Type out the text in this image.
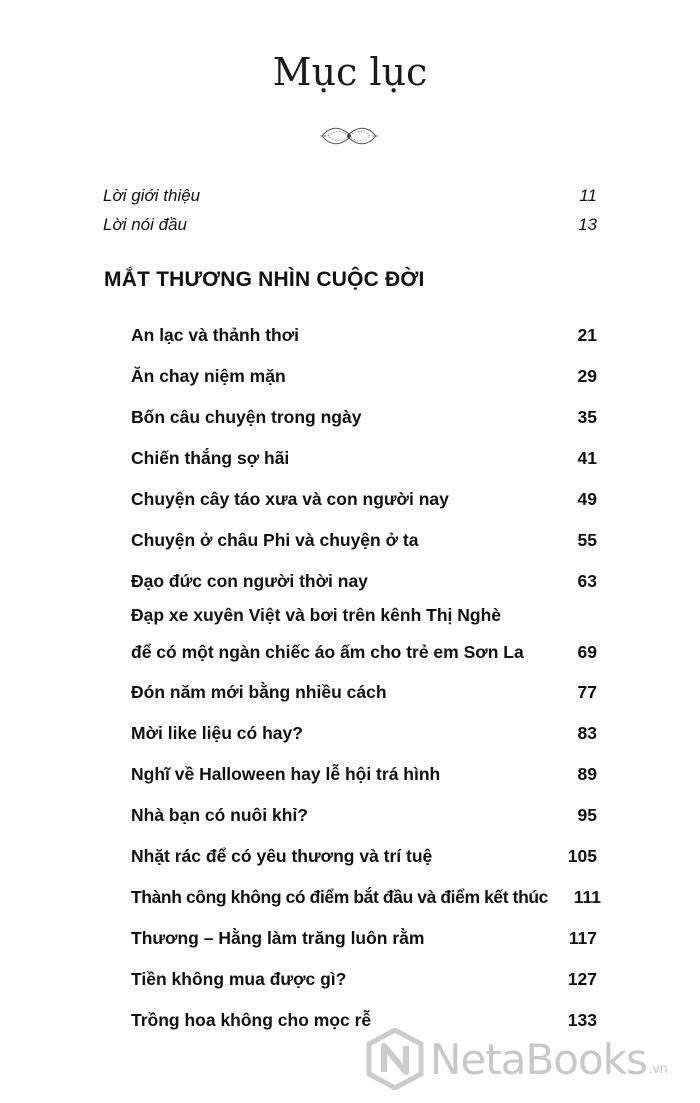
Mục lục
Lời giới thiệu	11
Lời nói đầu	13
MẮT THƯƠNG NHÌN CUỘC ĐỜI
An lạc và thảnh thơi	21
Ăn chay niệm mặn	29
Bốn câu chuyện trong ngày	35
Chiến thắng sợ hãi	41
Chuyện cây táo xưa và con người nay	49
Chuyện ở châu Phi và chuyện ở ta	55
Đạo đức con người thời nay	63
Đạp xe xuyên Việt và bơi trên kênh Thị Nghè
để có một ngàn chiếc áo ấm cho trẻ em Sơn La	69
Đón năm mới bằng nhiều cách	77
Mời like liệu có hay?	83
Nghĩ về Halloween hay lễ hội trá hình	89
Nhà bạn có nuôi khỉ?	95
Nhặt rác để có yêu thương và trí tuệ	105
Thành công không có điểm bắt đầu và điểm kết thúc 111
Thương – Hằng làm trăng luôn rằm	117
Tiền không mua được gì?	127
Trồng hoa không cho mọc rễ	133
NetaBooks .vn
